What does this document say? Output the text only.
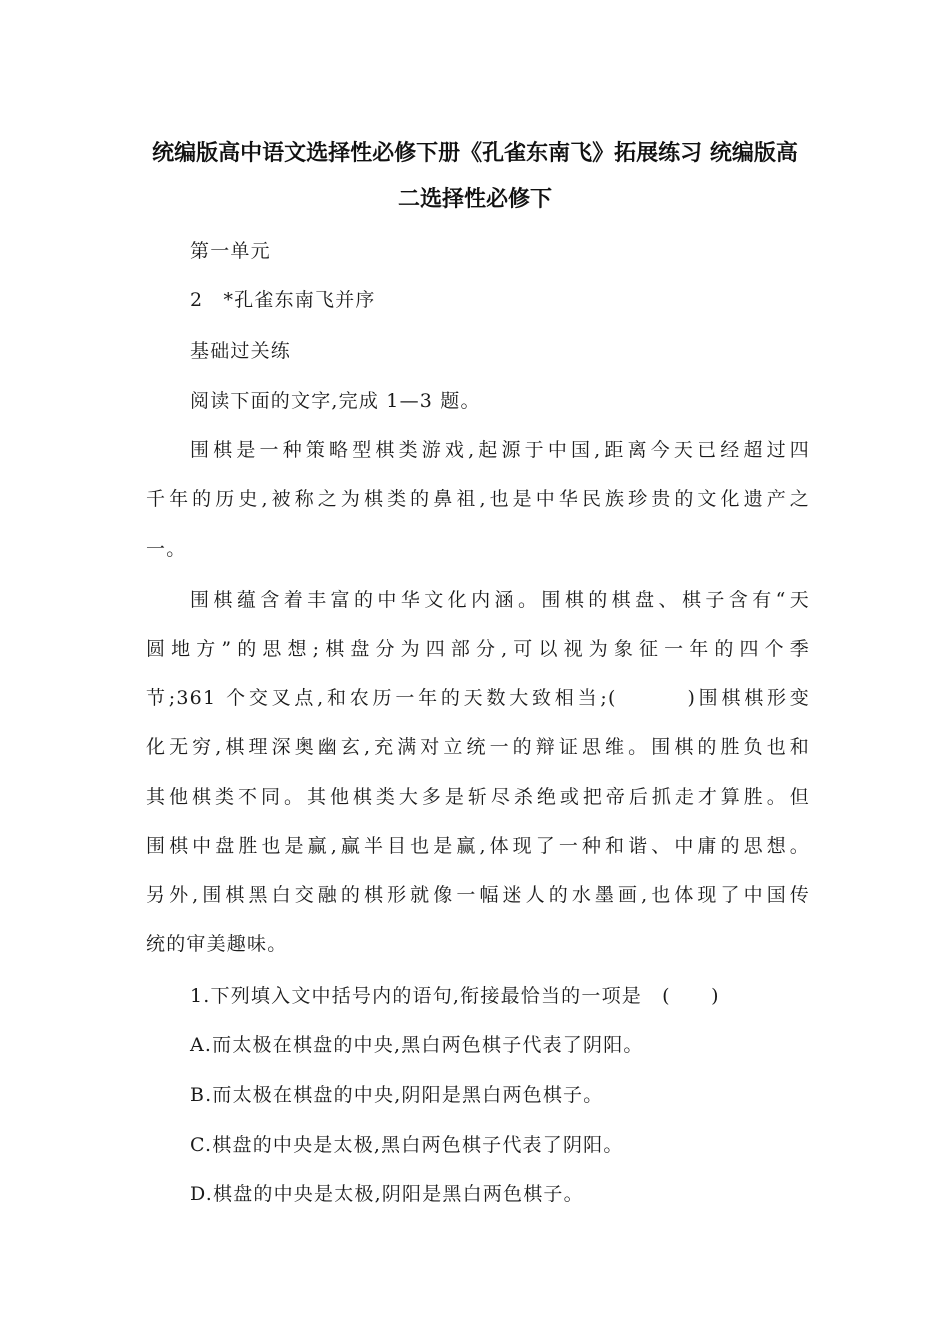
统编版高中语文选择性必修下册《孔雀东南飞》拓展练习 统编版高
二选择性必修下
第一单元
2　*孔雀东南飞并序
基础过关练
阅读下面的文字,完成 1—3 题。
围棋是一种策略型棋类游戏,起源于中国,距离今天已经超过四
千年的历史,被称之为棋类的鼻祖,也是中华民族珍贵的文化遗产之
一。
围棋蕴含着丰富的中华文化内涵。围棋的棋盘、棋子含有“天
圆地方”的思想;棋盘分为四部分,可以视为象征一年的四个季
节;361 个交叉点,和农历一年的天数大致相当;(　　　)围棋棋形变
化无穷,棋理深奥幽玄,充满对立统一的辩证思维。围棋的胜负也和
其他棋类不同。其他棋类大多是斩尽杀绝或把帝后抓走才算胜。但
围棋中盘胜也是赢,赢半目也是赢,体现了一种和谐、中庸的思想。
另外,围棋黑白交融的棋形就像一幅迷人的水墨画,也体现了中国传
统的审美趣味。
1.下列填入文中括号内的语句,衔接最恰当的一项是　(　　)
A.而太极在棋盘的中央,黑白两色棋子代表了阴阳。
B.而太极在棋盘的中央,阴阳是黑白两色棋子。
C.棋盘的中央是太极,黑白两色棋子代表了阴阳。
D.棋盘的中央是太极,阴阳是黑白两色棋子。
